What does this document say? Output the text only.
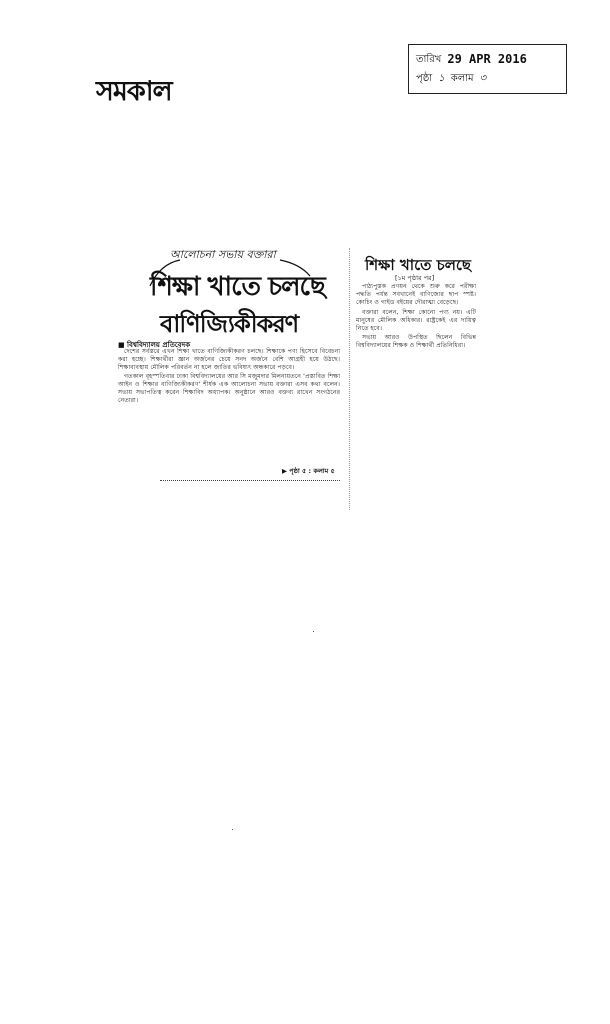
সমকাল
তারিখ 29 APR 2016
পৃষ্ঠা ১ কলাম ৩
আলোচনা সভায় বক্তারা
শিক্ষা খাতে চলছে
বাণিজ্যিকীকরণ
■ বিশ্ববিদ্যালয় প্রতিবেদক

দেশের সর্বস্তরে এখন শিক্ষা খাতে বাণিজ্যিকীকরণ চলছে। শিক্ষাকে পণ্য হিসেবে বিবেচনা করা হচ্ছে। শিক্ষার্থীরা জ্ঞান অর্জনের চেয়ে সনদ অর্জনে বেশি আগ্রহী হয়ে উঠছে। শিক্ষাব্যবস্থায় মৌলিক পরিবর্তন না হলে জাতির ভবিষ্যৎ অন্ধকারে পড়বে।

গতকাল বৃহস্পতিবার ঢাকা বিশ্ববিদ্যালয়ের আর সি মজুমদার মিলনায়তনে 'প্রস্তাবিত শিক্ষা আইন ও শিক্ষার বাণিজ্যিকীকরণ' শীর্ষক এক আলোচনা সভায় বক্তারা এসব কথা বলেন। সভায় সভাপতিত্ব করেন শিক্ষাবিদ অধ্যাপক। অনুষ্ঠানে আরও বক্তব্য রাখেন সংগঠনের নেতারা।

▶ পৃষ্ঠা ৫ : কলাম ৫
শিক্ষা খাতে চলছে
[১ম পৃষ্ঠার পর]

পাঠ্যপুস্তক প্রণয়ন থেকে শুরু করে পরীক্ষা পদ্ধতি পর্যন্ত সবখানেই বাণিজ্যের ছাপ স্পষ্ট। কোচিং ও গাইড বইয়ের দৌরাত্ম্য বেড়েছে।

বক্তারা বলেন, শিক্ষা কোনো পণ্য নয়। এটি মানুষের মৌলিক অধিকার। রাষ্ট্রকেই এর দায়িত্ব নিতে হবে।

সভায় আরও উপস্থিত ছিলেন বিভিন্ন বিশ্ববিদ্যালয়ের শিক্ষক ও শিক্ষার্থী প্রতিনিধিরা।
